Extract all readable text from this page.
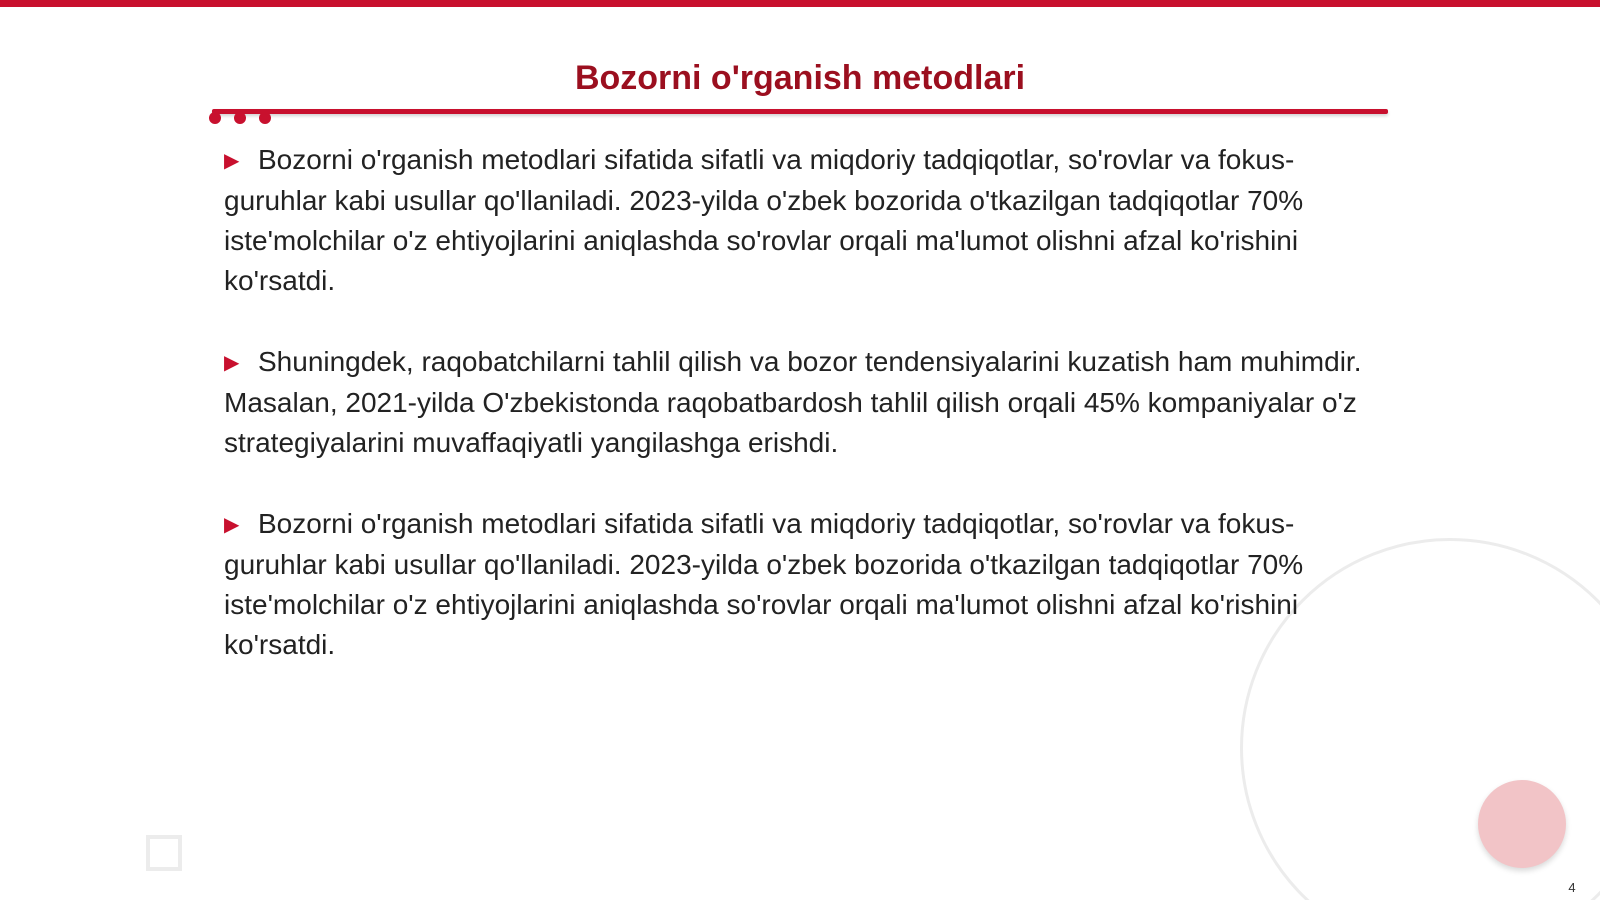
Bozorni o'rganish metodlari

▶ Bozorni o'rganish metodlari sifatida sifatli va miqdoriy tadqiqotlar, so'rovlar va fokus-guruhlar kabi usullar qo'llaniladi. 2023-yilda o'zbek bozorida o'tkazilgan tadqiqotlar 70% iste'molchilar o'z ehtiyojlarini aniqlashda so'rovlar orqali ma'lumot olishni afzal ko'rishini ko'rsatdi.

▶ Shuningdek, raqobatchilarni tahlil qilish va bozor tendensiyalarini kuzatish ham muhimdir. Masalan, 2021-yilda O'zbekistonda raqobatbardosh tahlil qilish orqali 45% kompaniyalar o'z strategiyalarini muvaffaqiyatli yangilashga erishdi.

▶ Bozorni o'rganish metodlari sifatida sifatli va miqdoriy tadqiqotlar, so'rovlar va fokus-guruhlar kabi usullar qo'llaniladi. 2023-yilda o'zbek bozorida o'tkazilgan tadqiqotlar 70% iste'molchilar o'z ehtiyojlarini aniqlashda so'rovlar orqali ma'lumot olishni afzal ko'rishini ko'rsatdi.

4
